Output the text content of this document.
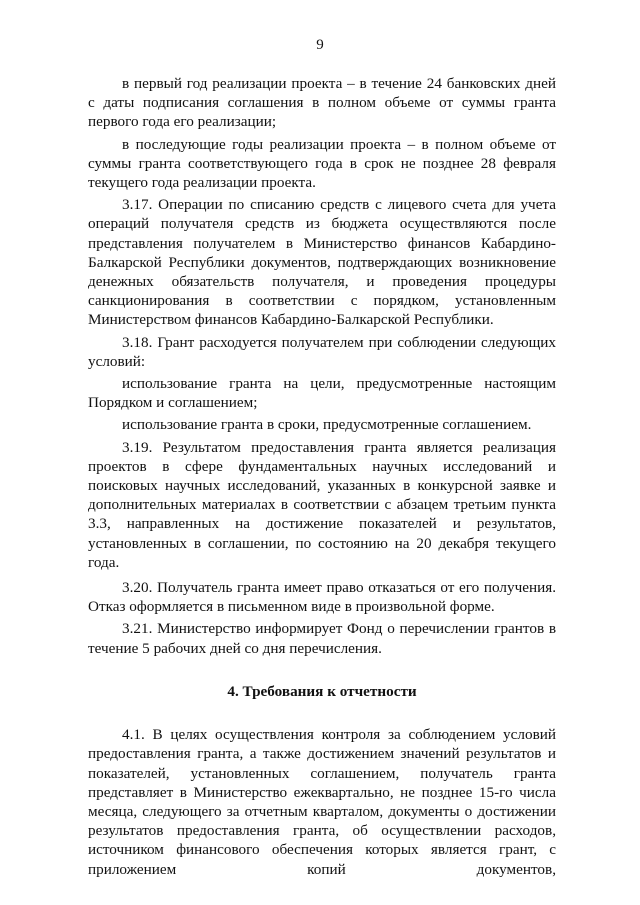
9

в первый год реализации проекта – в течение 24 банковских дней с даты подписания соглашения в полном объеме от суммы гранта первого года его реализации;

в последующие годы реализации проекта – в полном объеме от суммы гранта соответствующего года в срок не позднее 28 февраля текущего года реализации проекта.

3.17. Операции по списанию средств с лицевого счета для учета операций получателя средств из бюджета осуществляются после представления получателем в Министерство финансов Кабардино-Балкарской Республики документов, подтверждающих возникновение денежных обязательств получателя, и проведения процедуры санкционирования в соответствии с порядком, установленным Министерством финансов Кабардино-Балкарской Республики.

3.18. Грант расходуется получателем при соблюдении следующих условий:

использование гранта на цели, предусмотренные настоящим Порядком и соглашением;

использование гранта в сроки, предусмотренные соглашением.

3.19. Результатом предоставления гранта является реализация проектов в сфере фундаментальных научных исследований и поисковых научных исследований, указанных в конкурсной заявке и дополнительных материалах в соответствии с абзацем третьим пункта 3.3, направленных на достижение показателей и результатов, установленных в соглашении, по состоянию на 20 декабря текущего года.

3.20. Получатель гранта имеет право отказаться от его получения. Отказ оформляется в письменном виде в произвольной форме.

3.21. Министерство информирует Фонд о перечислении грантов в течение 5 рабочих дней со дня перечисления.

4. Требования к отчетности

4.1. В целях осуществления контроля за соблюдением условий предоставления гранта, а также достижением значений результатов и показателей, установленных соглашением, получатель гранта представляет в Министерство ежеквартально, не позднее 15-го числа месяца, следующего за отчетным кварталом, документы о достижении результатов предоставления гранта, об осуществлении расходов, источником финансового обеспечения которых является грант, с приложением копий документов,
